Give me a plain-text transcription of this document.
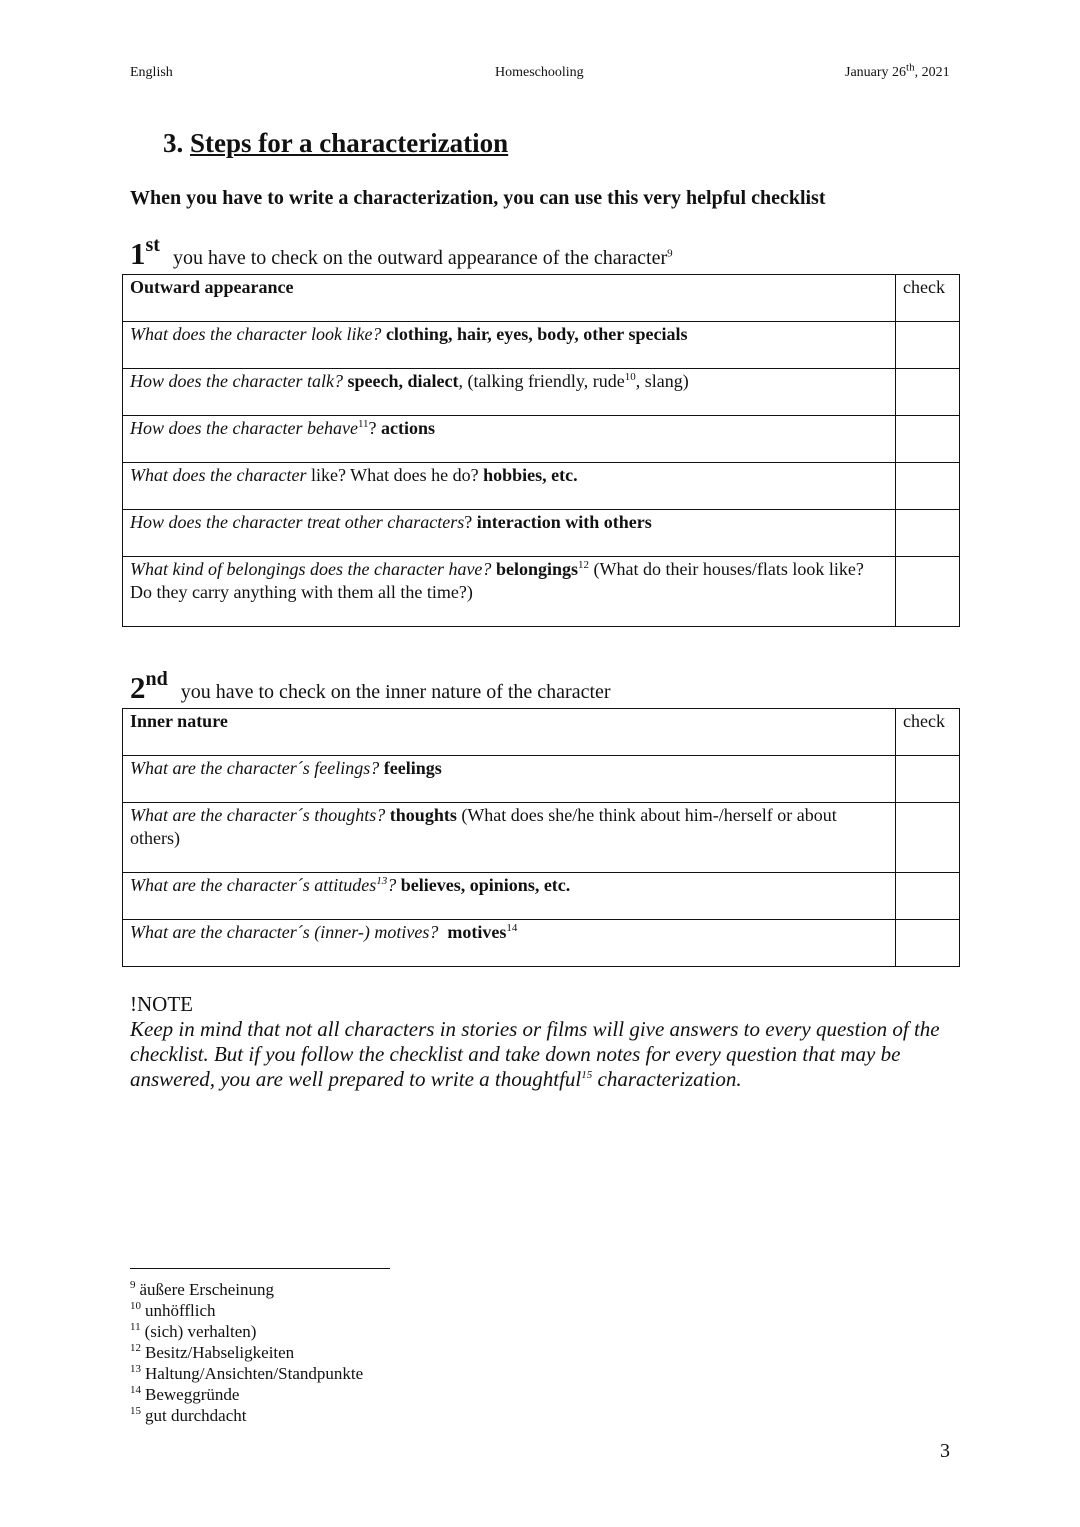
English	Homeschooling	January 26th, 2021
3. Steps for a characterization
When you have to write a characterization, you can use this very helpful checklist
1st you have to check on the outward appearance of the character$^9$
Outward appearance	check
What does the character look like? clothing, hair, eyes, body, other specials	
How does the character talk? speech, dialect, (talking friendly, rude$^{10}$, slang)	
How does the character behave$^{11}$? actions	
What does the character like? What does he do? hobbies, etc.	
How does the character treat other characters? interaction with others	
What kind of belongings does the character have? belongings$^{12}$ (What do their houses/flats look like? Do they carry anything with them all the time?)	
2nd you have to check on the inner nature of the character
Inner nature	check
What are the character´s feelings? feelings	
What are the character´s thoughts? thoughts (What does she/he think about him-/herself or about others)	
What are the character´s attitudes$^{13}$? believes, opinions, etc.	
What are the character´s (inner-) motives? motives$^{14}$	
!NOTE
Keep in mind that not all characters in stories or films will give answers to every question of the checklist. But if you follow the checklist and take down notes for every question that may be answered, you are well prepared to write a thoughtful$^{15}$ characterization.
$^9$ äußere Erscheinung
$^{10}$ unhöfflich
$^{11}$ (sich) verhalten)
$^{12}$ Besitz/Habseligkeiten
$^{13}$ Haltung/Ansichten/Standpunkte
$^{14}$ Beweggründe
$^{15}$ gut durchdacht
3
